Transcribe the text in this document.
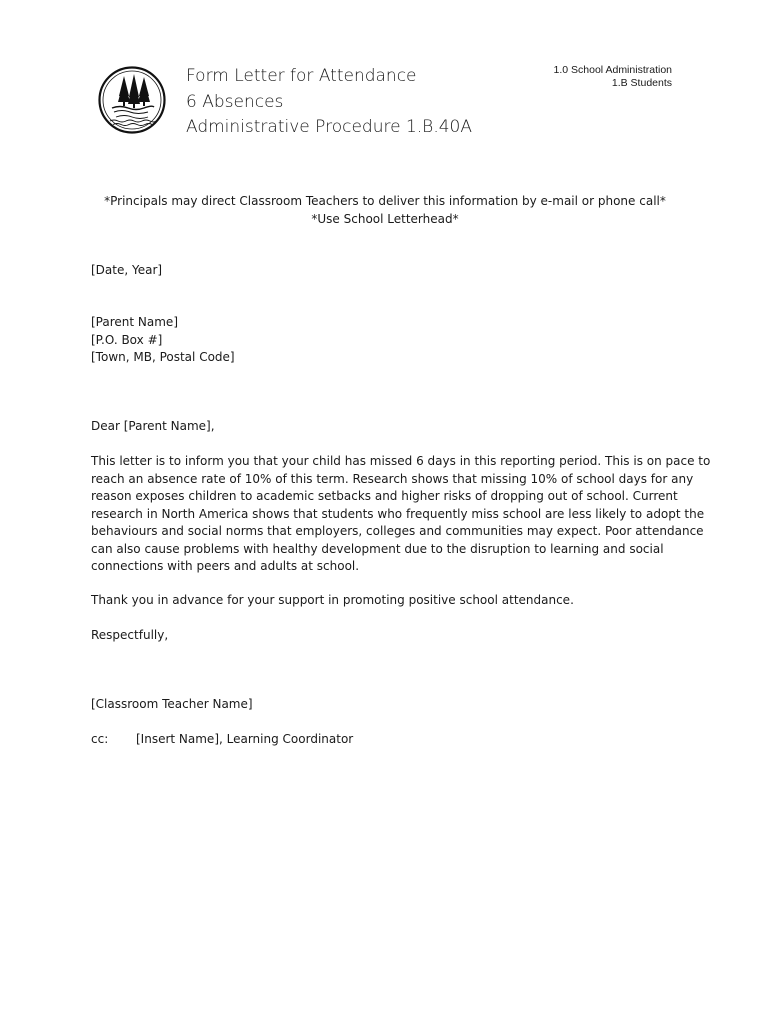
Form Letter for Attendance
6 Absences
Administrative Procedure 1.B.40A
1.0 School Administration
1.B Students
*Principals may direct Classroom Teachers to deliver this information by e-mail or phone call*
*Use School Letterhead*
[Date, Year]
[Parent Name]
[P.O. Box #]
[Town, MB, Postal Code]
Dear [Parent Name],
This letter is to inform you that your child has missed 6 days in this reporting period. This is on pace to
reach an absence rate of 10% of this term. Research shows that missing 10% of school days for any
reason exposes children to academic setbacks and higher risks of dropping out of school. Current
research in North America shows that students who frequently miss school are less likely to adopt the
behaviours and social norms that employers, colleges and communities may expect. Poor attendance
can also cause problems with healthy development due to the disruption to learning and social
connections with peers and adults at school.
Thank you in advance for your support in promoting positive school attendance.
Respectfully,
[Classroom Teacher Name]
cc: [Insert Name], Learning Coordinator
